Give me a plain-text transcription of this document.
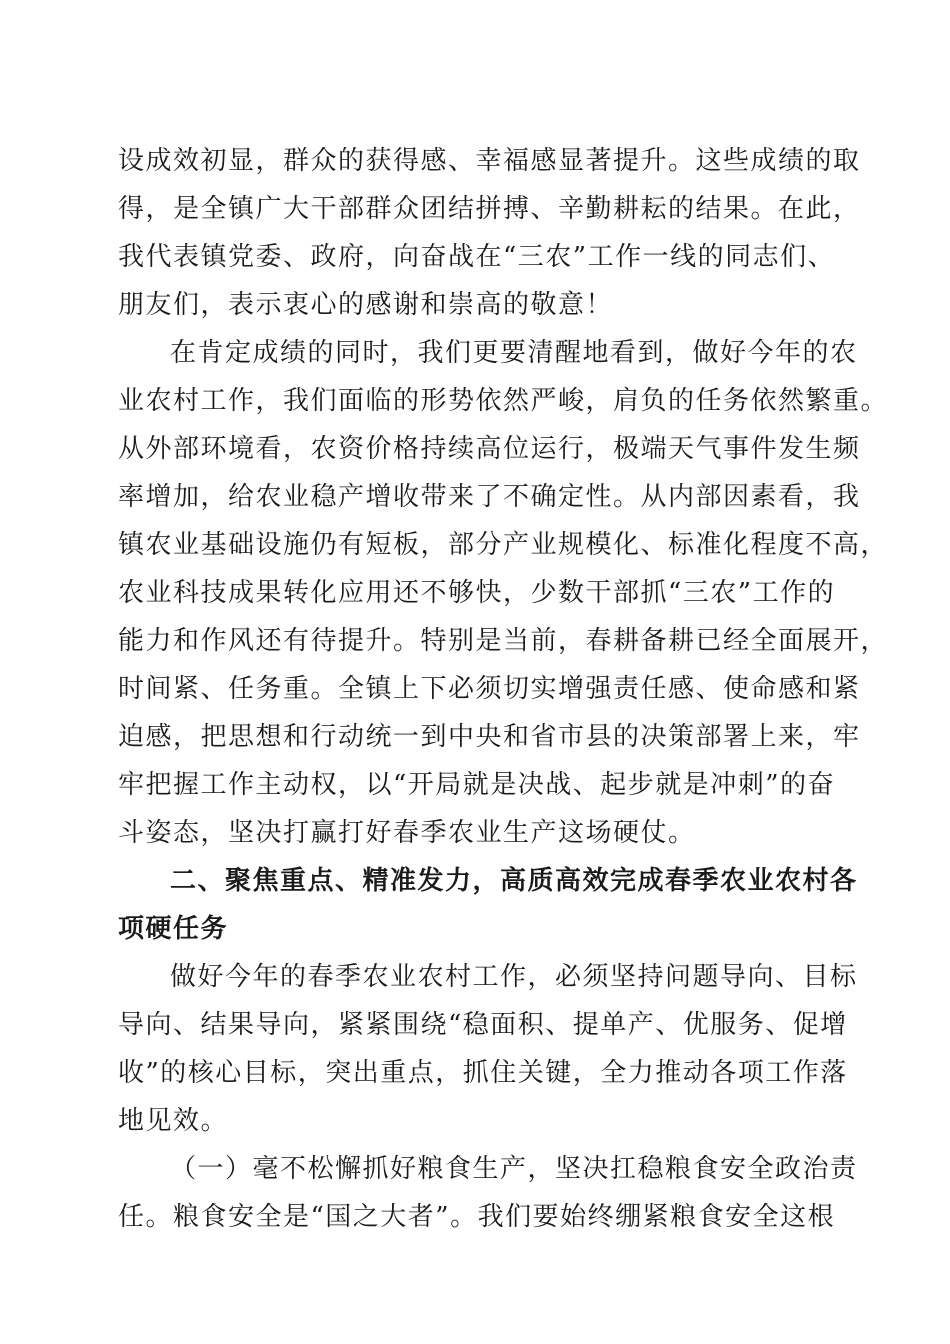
设成效初显，群众的获得感、幸福感显著提升。这些成绩的取
得，是全镇广大干部群众团结拼搏、辛勤耕耘的结果。在此，
我代表镇党委、政府，向奋战在“三农”工作一线的同志们、
朋友们，表示衷心的感谢和崇高的敬意！
在肯定成绩的同时，我们更要清醒地看到，做好今年的农
业农村工作，我们面临的形势依然严峻，肩负的任务依然繁重。
从外部环境看，农资价格持续高位运行，极端天气事件发生频
率增加，给农业稳产增收带来了不确定性。从内部因素看，我
镇农业基础设施仍有短板，部分产业规模化、标准化程度不高，
农业科技成果转化应用还不够快，少数干部抓“三农”工作的
能力和作风还有待提升。特别是当前，春耕备耕已经全面展开，
时间紧、任务重。全镇上下必须切实增强责任感、使命感和紧
迫感，把思想和行动统一到中央和省市县的决策部署上来，牢
牢把握工作主动权，以“开局就是决战、起步就是冲刺”的奋
斗姿态，坚决打赢打好春季农业生产这场硬仗。
二、聚焦重点、精准发力，高质高效完成春季农业农村各
项硬任务
做好今年的春季农业农村工作，必须坚持问题导向、目标
导向、结果导向，紧紧围绕“稳面积、提单产、优服务、促增
收”的核心目标，突出重点，抓住关键，全力推动各项工作落
地见效。
（一）毫不松懈抓好粮食生产，坚决扛稳粮食安全政治责
任。粮食安全是“国之大者”。我们要始终绷紧粮食安全这根
